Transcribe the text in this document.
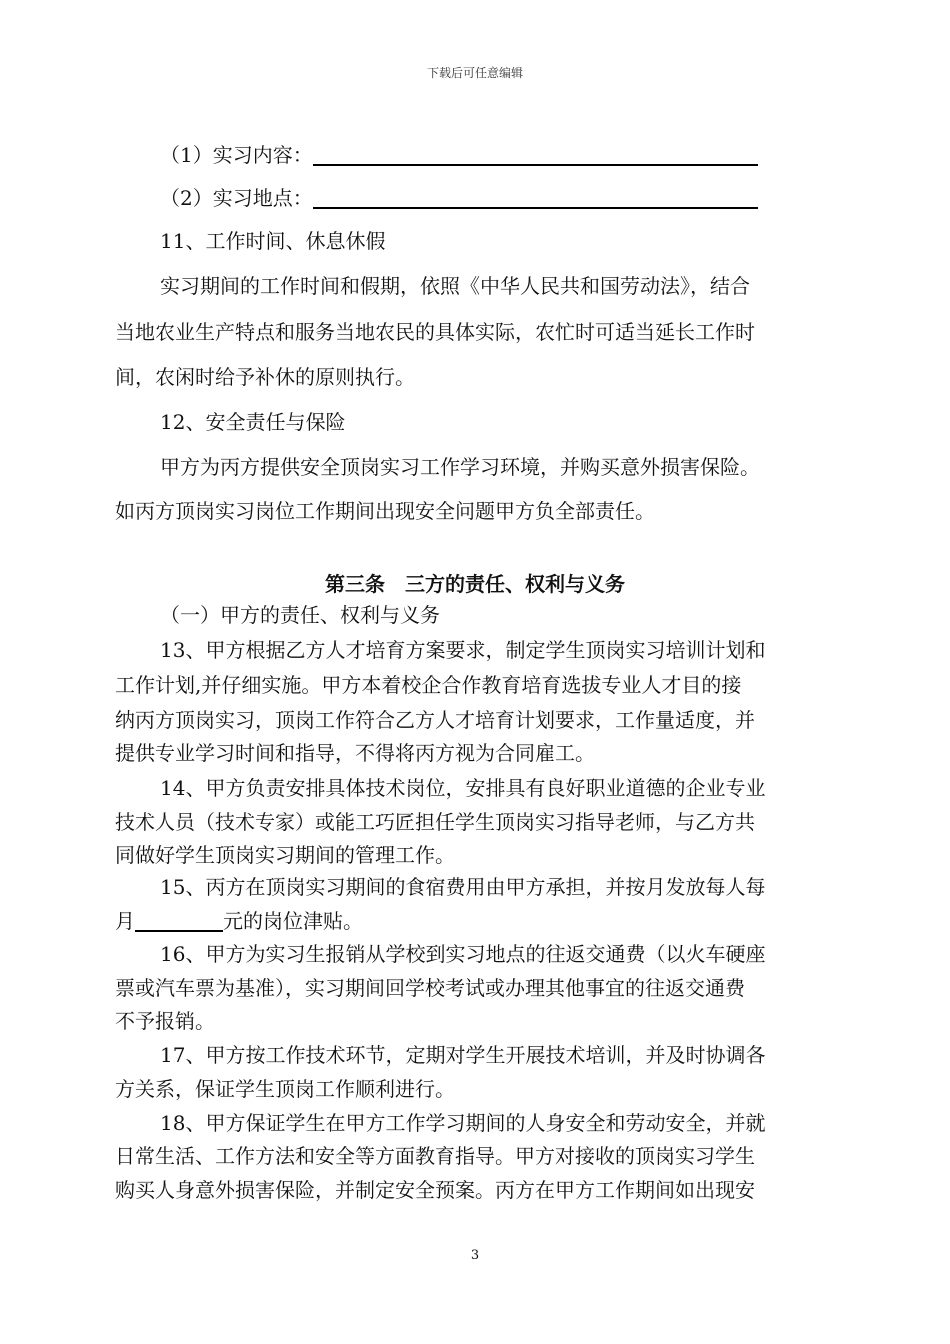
下载后可任意编辑
（1）实习内容：
（2）实习地点：
11、工作时间、休息休假
实习期间的工作时间和假期，依照《中华人民共和国劳动法》，结合
当地农业生产特点和服务当地农民的具体实际，农忙时可适当延长工作时
间，农闲时给予补休的原则执行。
12、安全责任与保险
甲方为丙方提供安全顶岗实习工作学习环境，并购买意外损害保险。
如丙方顶岗实习岗位工作期间出现安全问题甲方负全部责任。
第三条　三方的责任、权利与义务
（一）甲方的责任、权利与义务
13、甲方根据乙方人才培育方案要求，制定学生顶岗实习培训计划和
工作计划,并仔细实施。甲方本着校企合作教育培育选拔专业人才目的接
纳丙方顶岗实习，顶岗工作符合乙方人才培育计划要求，工作量适度，并
提供专业学习时间和指导，不得将丙方视为合同雇工。
14、甲方负责安排具体技术岗位，安排具有良好职业道德的企业专业
技术人员（技术专家）或能工巧匠担任学生顶岗实习指导老师，与乙方共
同做好学生顶岗实习期间的管理工作。
15、丙方在顶岗实习期间的食宿费用由甲方承担，并按月发放每人每
月	元的岗位津贴。
16、甲方为实习生报销从学校到实习地点的往返交通费（以火车硬座
票或汽车票为基准），实习期间回学校考试或办理其他事宜的往返交通费
不予报销。
17、甲方按工作技术环节，定期对学生开展技术培训，并及时协调各
方关系，保证学生顶岗工作顺利进行。
18、甲方保证学生在甲方工作学习期间的人身安全和劳动安全，并就
日常生活、工作方法和安全等方面教育指导。甲方对接收的顶岗实习学生
购买人身意外损害保险，并制定安全预案。丙方在甲方工作期间如出现安
3
